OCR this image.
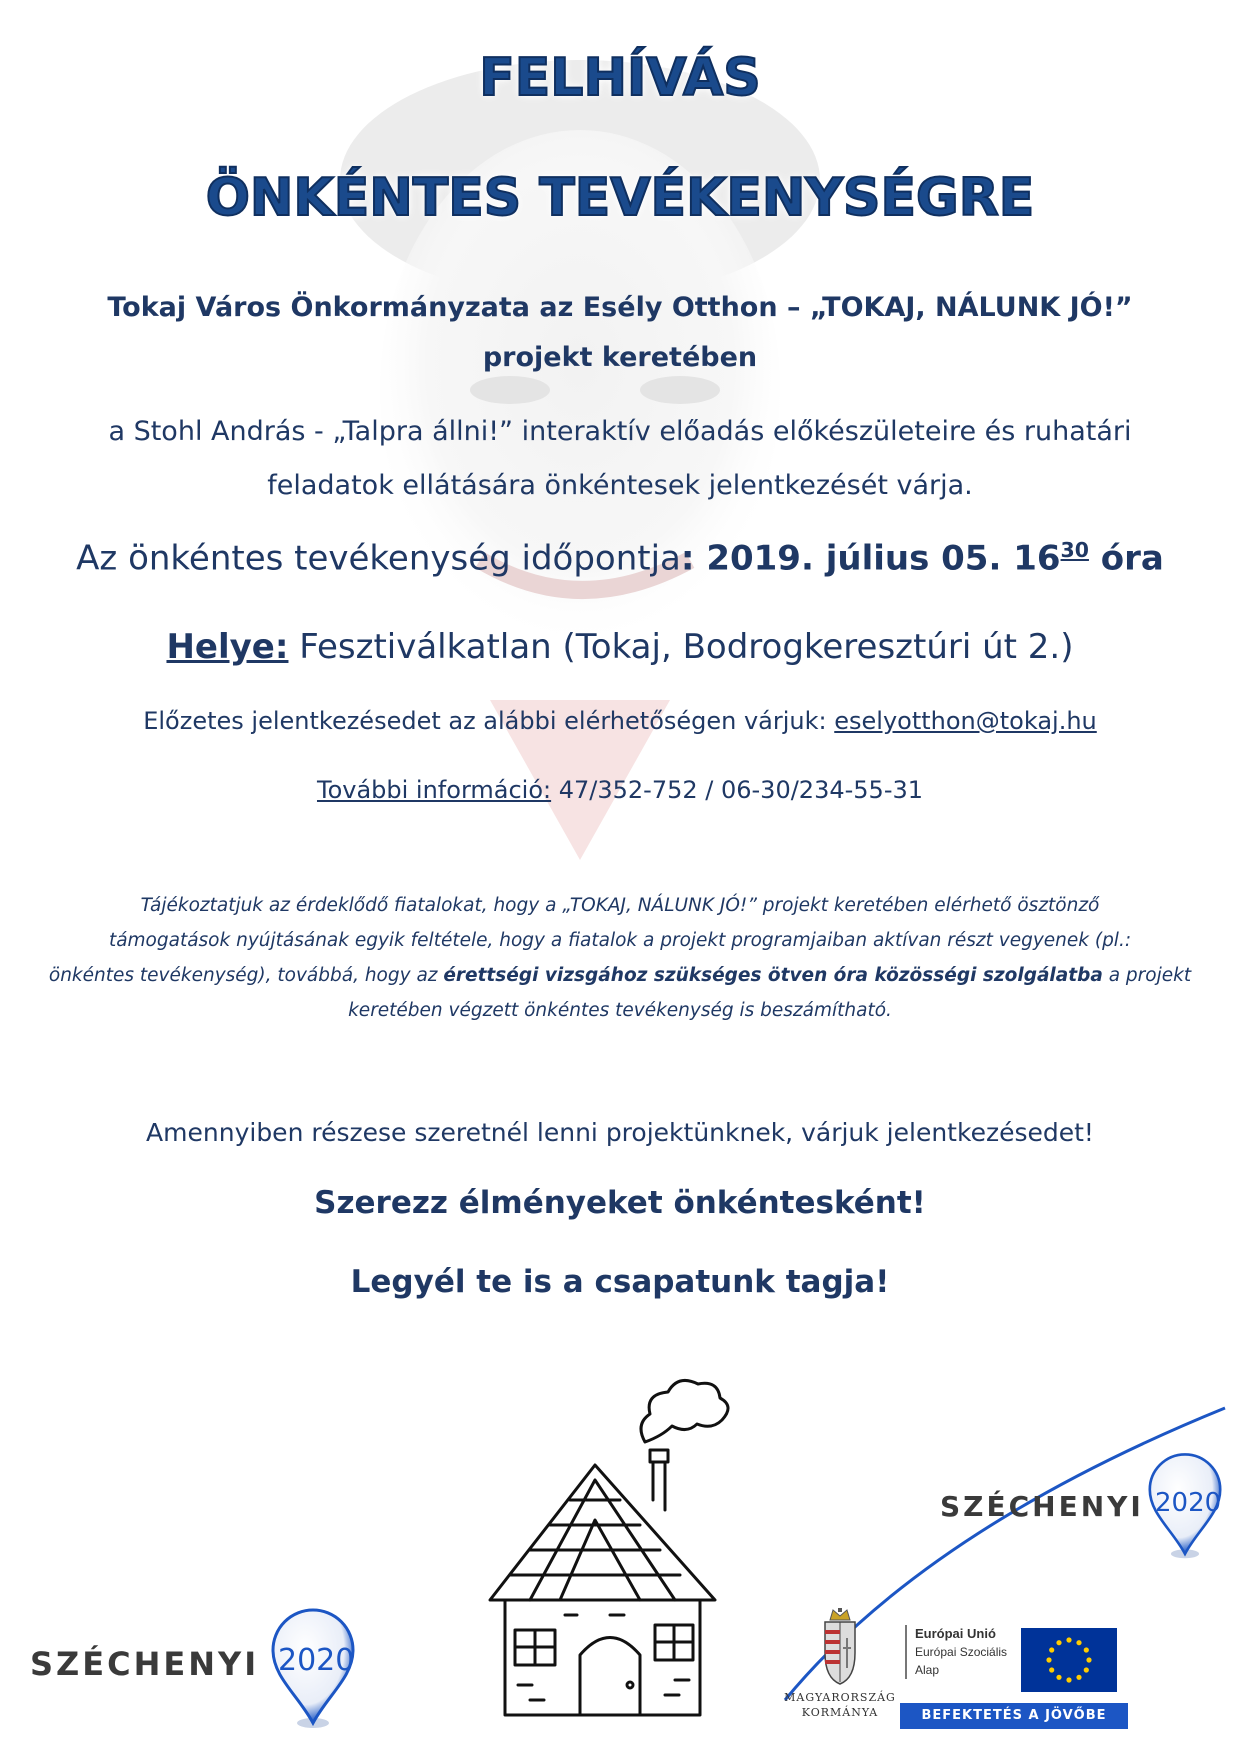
FELHÍVÁS
ÖNKÉNTES TEVÉKENYSÉGRE
Tokaj Város Önkormányzata az Esély Otthon – „TOKAJ, NÁLUNK JÓ!”
projekt keretében
a Stohl András - „Talpra állni!” interaktív előadás előkészületeire és ruhatári
feladatok ellátására önkéntesek jelentkezését várja.
Az önkéntes tevékenység időpontja: 2019. július 05. $16^{30}$ óra
Helye: Fesztiválkatlan (Tokaj, Bodrogkeresztúri út 2.)
Előzetes jelentkezésedet az alábbi elérhetőségen várjuk: eselyotthon@tokaj.hu
További információ: 47/352-752 / 06-30/234-55-31
Tájékoztatjuk az érdeklődő fiatalokat, hogy a „TOKAJ, NÁLUNK JÓ!” projekt keretében elérhető ösztönző
támogatások nyújtásának egyik feltétele, hogy a fiatalok a projekt programjaiban aktívan részt vegyenek (pl.:
önkéntes tevékenység), továbbá, hogy az érettségi vizsgához szükséges ötven óra közösségi szolgálatba a projekt
keretében végzett önkéntes tevékenység is beszámítható.
Amennyiben részese szeretnél lenni projektünknek, várjuk jelentkezésedet!
Szerezz élményeket önkéntesként!
Legyél te is a csapatunk tagja!
SZÉCHENYI 2020
SZÉCHENYI 2020
MAGYARORSZÁG
KORMÁNYA
Európai Unió
Európai Szociális
Alap
BEFEKTETÉS A JÖVŐBE
